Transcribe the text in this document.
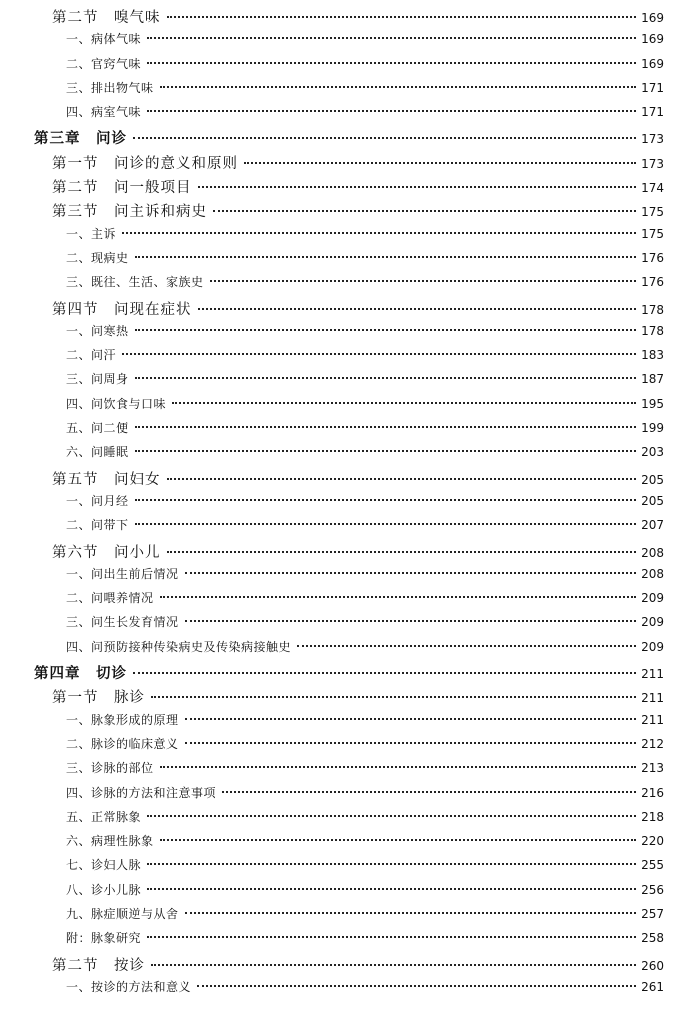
第二节　嗅气味	169
一、病体气味	169
二、官窍气味	169
三、排出物气味	171
四、病室气味	171
第三章　问诊	173
第一节　问诊的意义和原则	173
第二节　问一般项目	174
第三节　问主诉和病史	175
一、主诉	175
二、现病史	176
三、既往、生活、家族史	176
第四节　问现在症状	178
一、问寒热	178
二、问汗	183
三、问周身	187
四、问饮食与口味	195
五、问二便	199
六、问睡眠	203
第五节　问妇女	205
一、问月经	205
二、问带下	207
第六节　问小儿	208
一、问出生前后情况	208
二、问喂养情况	209
三、问生长发育情况	209
四、问预防接种传染病史及传染病接触史	209
第四章　切诊	211
第一节　脉诊	211
一、脉象形成的原理	211
二、脉诊的临床意义	212
三、诊脉的部位	213
四、诊脉的方法和注意事项	216
五、正常脉象	218
六、病理性脉象	220
七、诊妇人脉	255
八、诊小儿脉	256
九、脉症顺逆与从舍	257
附：脉象研究	258
第二节　按诊	260
一、按诊的方法和意义	261
